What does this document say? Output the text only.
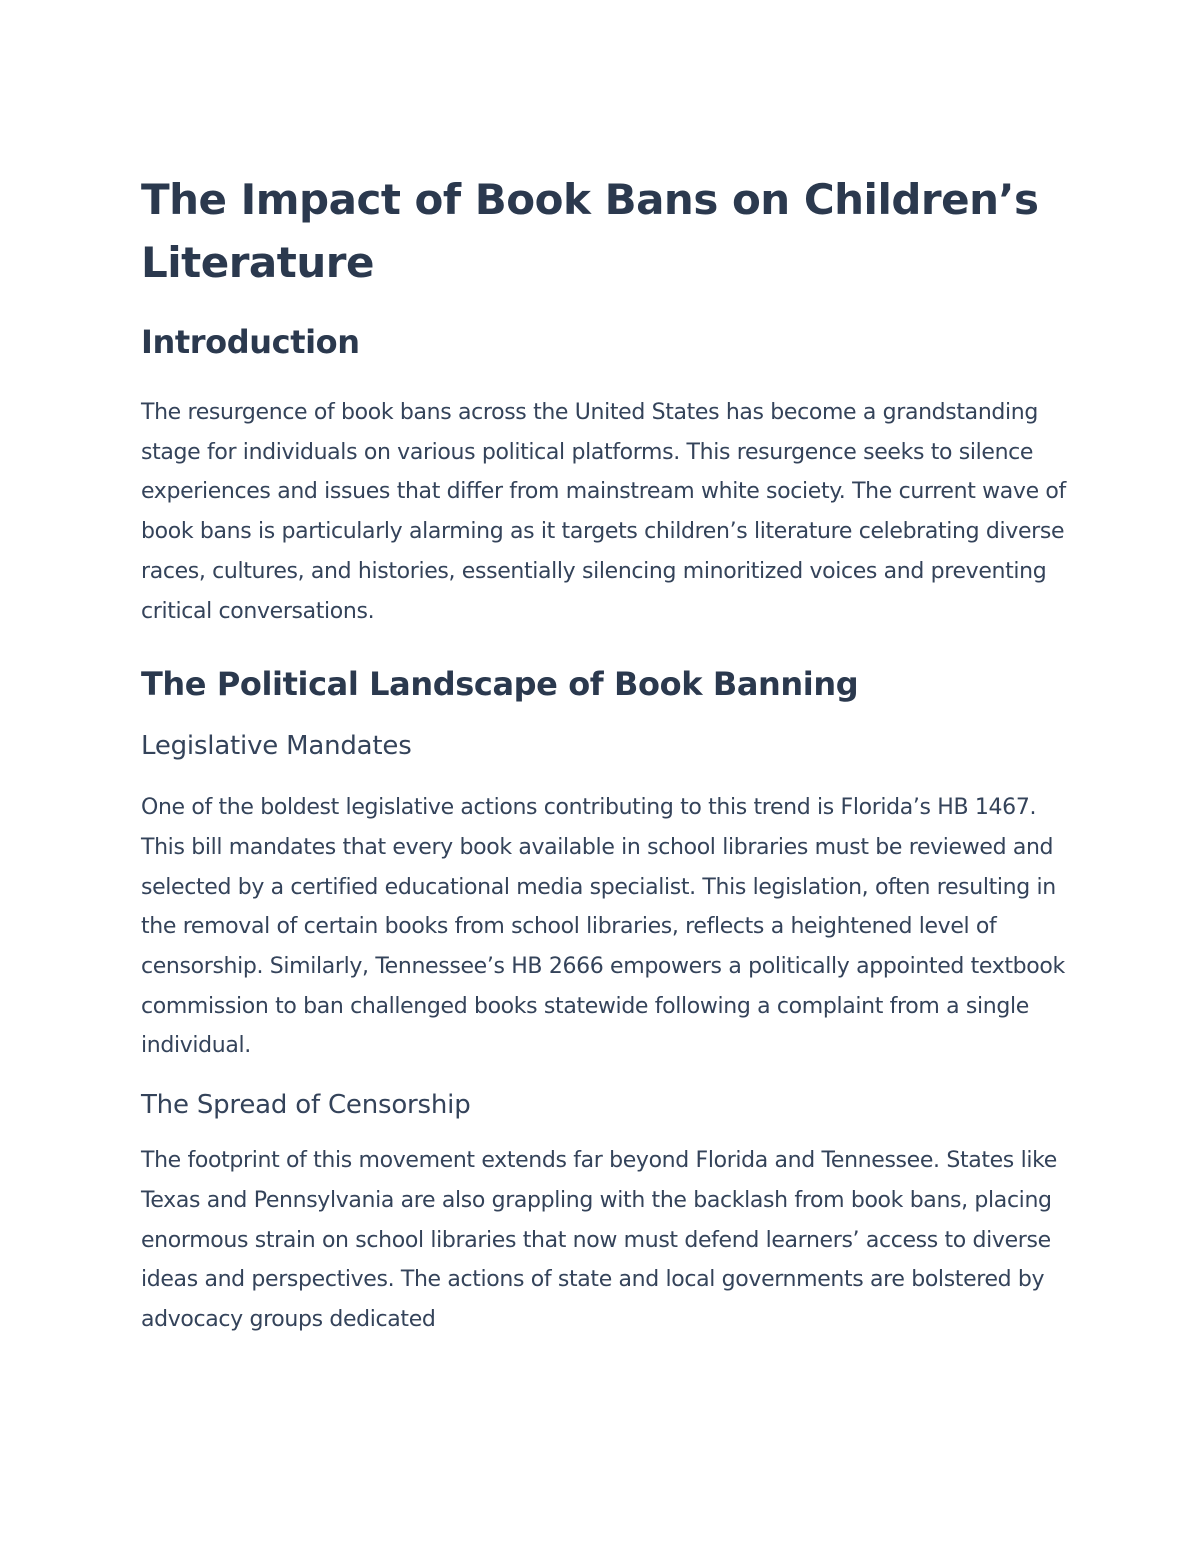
The Impact of Book Bans on Children’s Literature
Introduction

The resurgence of book bans across the United States has become a grandstanding stage for individuals on various political platforms. This resurgence seeks to silence experiences and issues that differ from mainstream white society. The current wave of book bans is particularly alarming as it targets children’s literature celebrating diverse races, cultures, and histories, essentially silencing minoritized voices and preventing critical conversations.

The Political Landscape of Book Banning
Legislative Mandates

One of the boldest legislative actions contributing to this trend is Florida’s HB 1467. This bill mandates that every book available in school libraries must be reviewed and selected by a certified educational media specialist. This legislation, often resulting in the removal of certain books from school libraries, reflects a heightened level of censorship. Similarly, Tennessee’s HB 2666 empowers a politically appointed textbook commission to ban challenged books statewide following a complaint from a single individual.

The Spread of Censorship

The footprint of this movement extends far beyond Florida and Tennessee. States like Texas and Pennsylvania are also grappling with the backlash from book bans, placing enormous strain on school libraries that now must defend learners’ access to diverse ideas and perspectives. The actions of state and local governments are bolstered by advocacy groups dedicated
